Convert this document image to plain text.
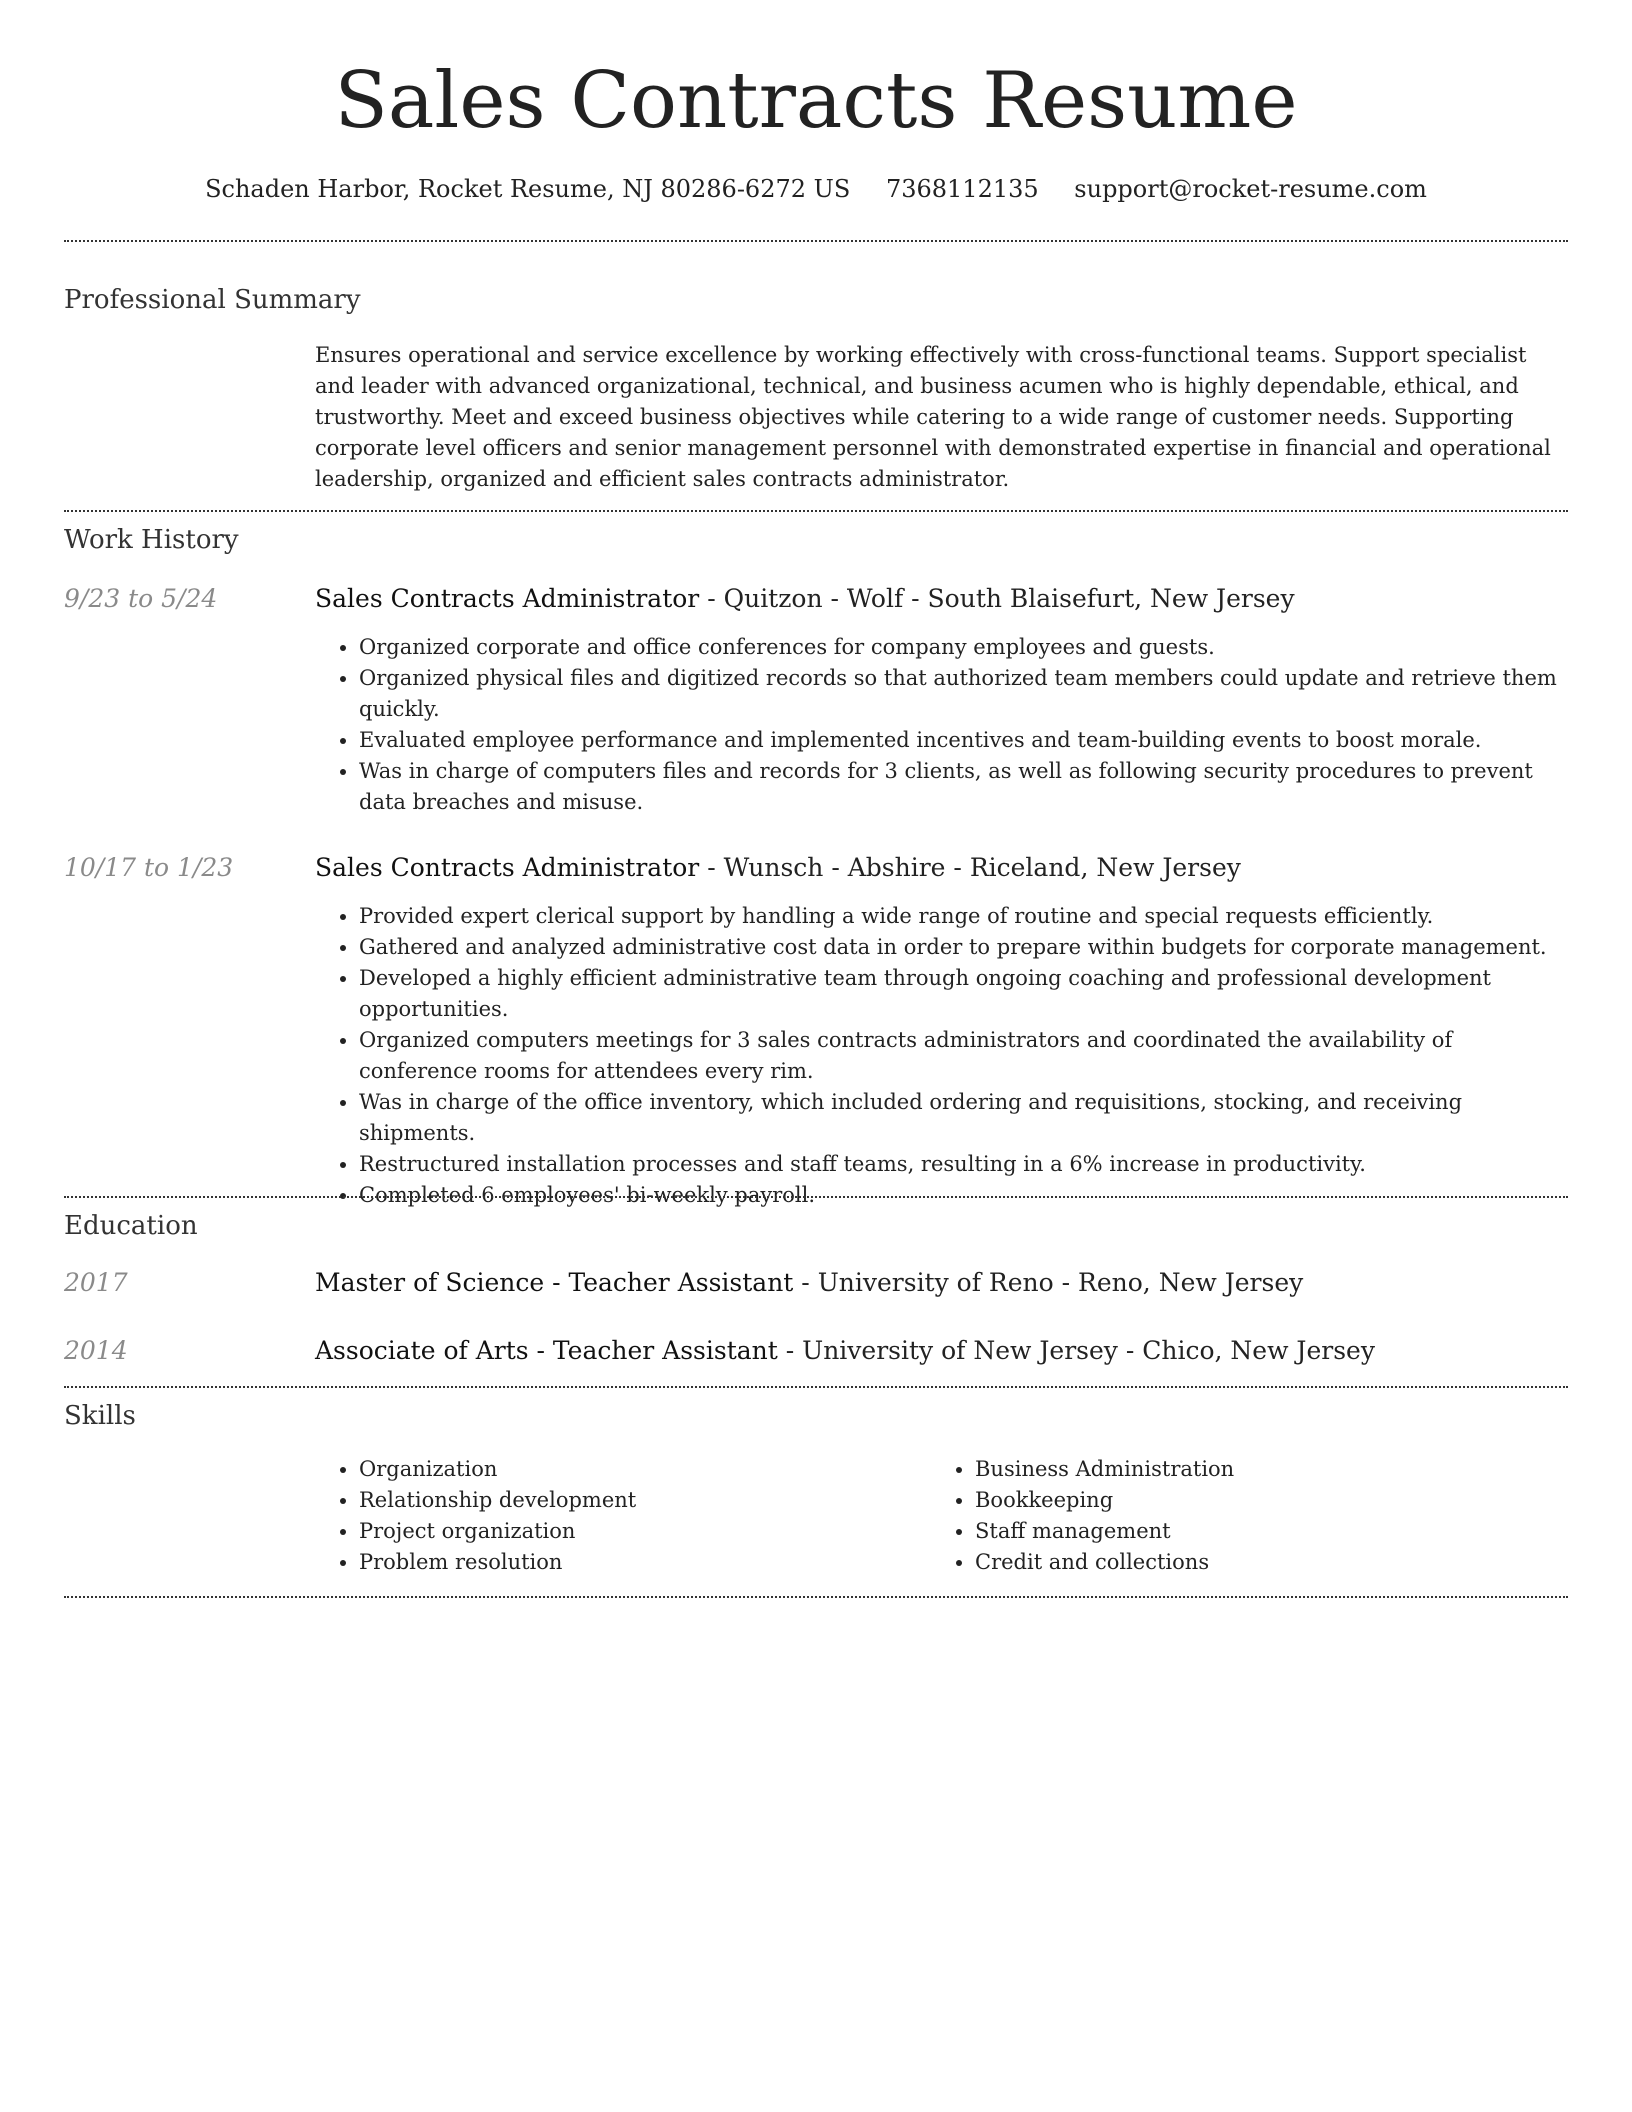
Sales Contracts Resume
Schaden Harbor, Rocket Resume, NJ 80286-6272 US 7368112135 support@rocket-resume.com
Professional Summary

Ensures operational and service excellence by working effectively with cross-functional teams. Support specialist and leader with advanced organizational, technical, and business acumen who is highly dependable, ethical, and trustworthy. Meet and exceed business objectives while catering to a wide range of customer needs. Supporting corporate level officers and senior management personnel with demonstrated expertise in financial and operational leadership, organized and efficient sales contracts administrator.

Work History
9/23 to 5/24	Sales Contracts Administrator - Quitzon - Wolf - South Blaisefurt, New Jersey
• Organized corporate and office conferences for company employees and guests.
• Organized physical files and digitized records so that authorized team members could update and retrieve them quickly.
• Evaluated employee performance and implemented incentives and team-building events to boost morale.
• Was in charge of computers files and records for 3 clients, as well as following security procedures to prevent data breaches and misuse.
10/17 to 1/23	Sales Contracts Administrator - Wunsch - Abshire - Riceland, New Jersey
• Provided expert clerical support by handling a wide range of routine and special requests efficiently.
• Gathered and analyzed administrative cost data in order to prepare within budgets for corporate management.
• Developed a highly efficient administrative team through ongoing coaching and professional development opportunities.
• Organized computers meetings for 3 sales contracts administrators and coordinated the availability of conference rooms for attendees every rim.
• Was in charge of the office inventory, which included ordering and requisitions, stocking, and receiving shipments.
• Restructured installation processes and staff teams, resulting in a 6% increase in productivity.
• Completed 6 employees' bi-weekly payroll.
Education
2017	Master of Science - Teacher Assistant - University of Reno - Reno, New Jersey
2014	Associate of Arts - Teacher Assistant - University of New Jersey - Chico, New Jersey
Skills
• Organization
• Relationship development
• Project organization
• Problem resolution
• Business Administration
• Bookkeeping
• Staff management
• Credit and collections
